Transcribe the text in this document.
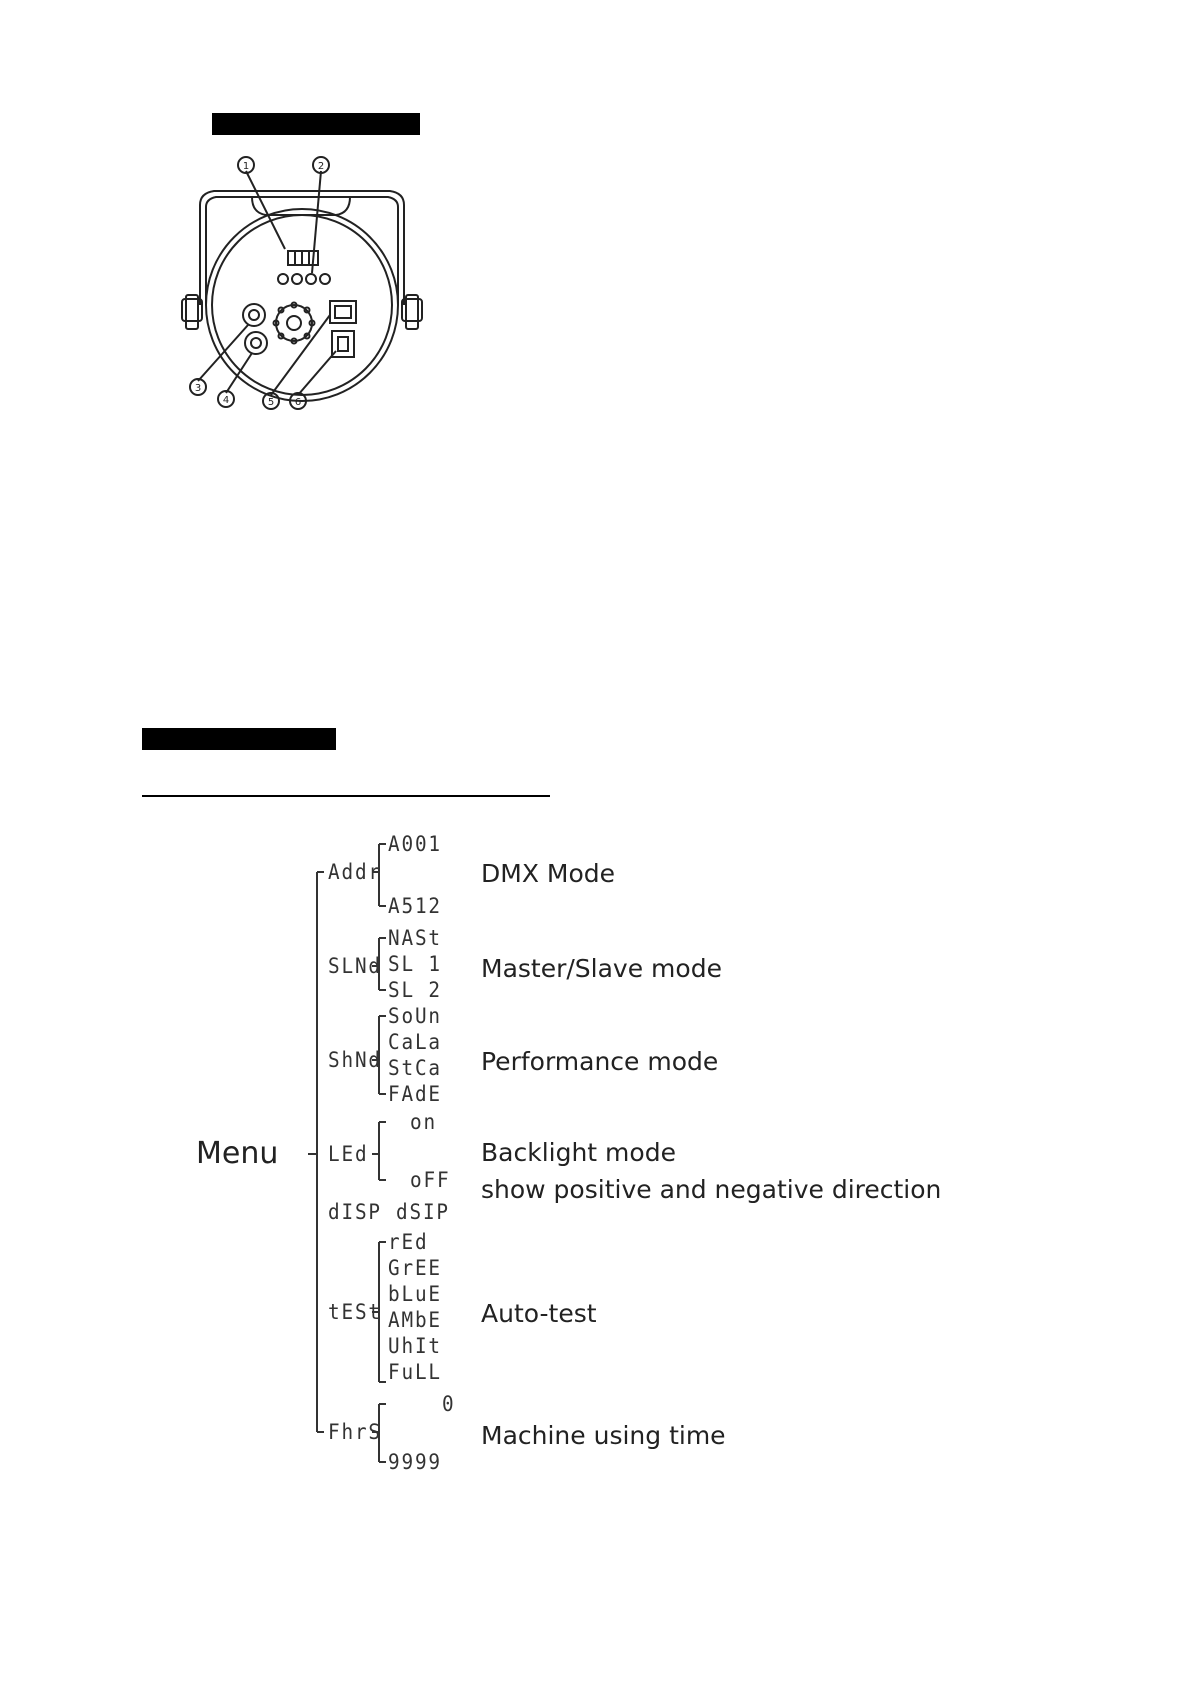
1	2
3
4	5 6
Menu
Addr
SLNd
ShNd
LEd
dISP
tESt
FhrS
A001
A512
NASt
SL 1
SL 2
SoUn
CaLa
StCa
FAdE
on
oFF
dSIP
rEd
GrEE
bLuE
AMbE
UhIt
FuLL
0
9999
DMX Mode
Master/Slave mode
Performance mode
Backlight mode
show positive and negative direction
Auto-test
Machine using time
